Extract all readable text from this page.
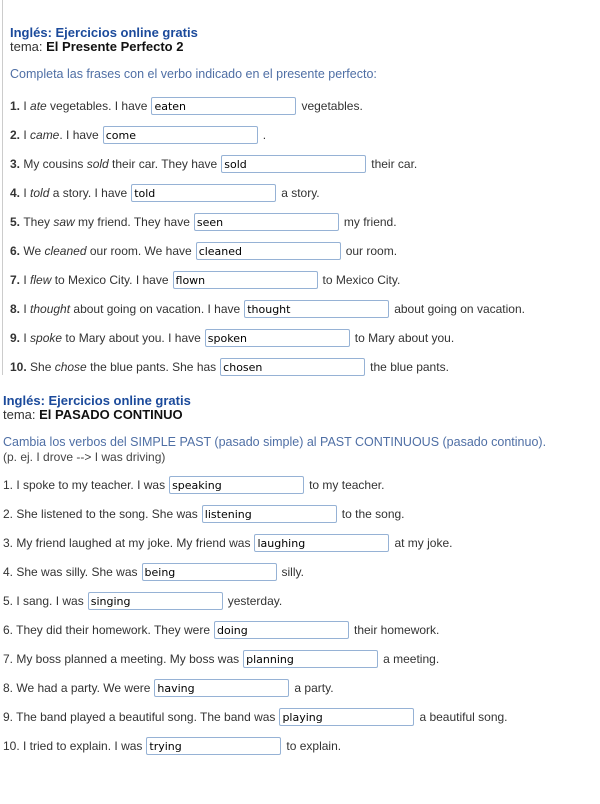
Inglés: Ejercicios online gratis
tema: El Presente Perfecto 2
Completa las frases con el verbo indicado en el presente perfecto:
1. I ate vegetables. I haveeaten	vegetables.
2. I came. I havecome	.
3. My cousins sold their car. They havesold	their car.
4. I told a story. I havetold	a story.
5. They saw my friend. They haveseen	my friend.
6. We cleaned our room. We havecleaned	our room.
7. I flew to Mexico City. I haveflown	to Mexico City.
8. I thought about going on vacation. I havethought	about going on vacation.
9. I spoke to Mary about you. I havespoken	to Mary about you.
10. She chose the blue pants. She haschosen	the blue pants.
Inglés: Ejercicios online gratis
tema: El PASADO CONTINUO
Cambia los verbos del SIMPLE PAST (pasado simple) al PAST CONTINUOUS (pasado continuo).
(p. ej. I drove --> I was driving)
1. I spoke to my teacher. I wasspeaking	to my teacher.
2. She listened to the song. She waslistening	to the song.
3. My friend laughed at my joke. My friend waslaughing	at my joke.
4. She was silly. She wasbeing	silly.
5. I sang. I wassinging	yesterday.
6. They did their homework. They weredoing	their homework.
7. My boss planned a meeting. My boss wasplanning	a meeting.
8. We had a party. We werehaving	a party.
9. The band played a beautiful song. The band wasplaying	a beautiful song.
10. I tried to explain. I wastrying	to explain.
